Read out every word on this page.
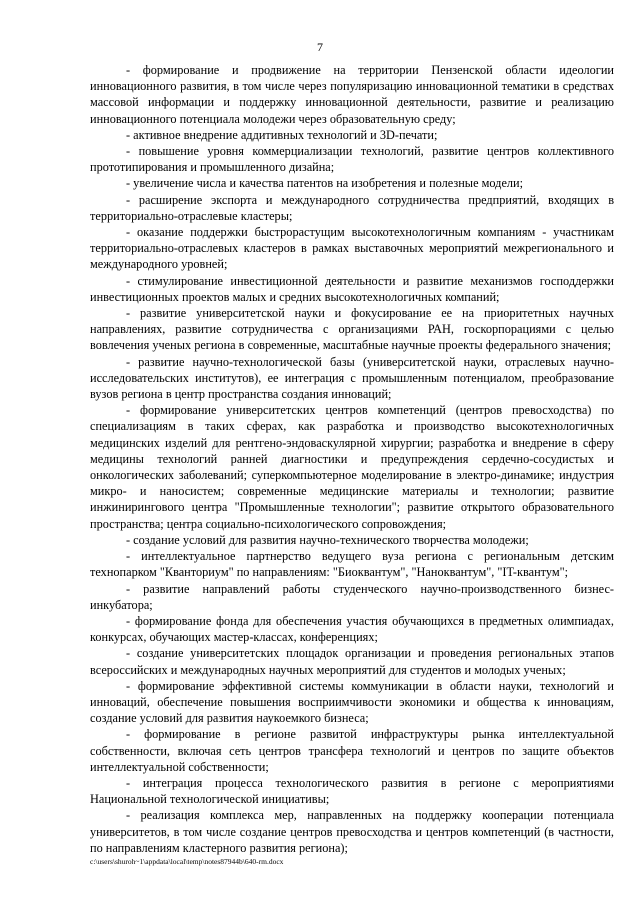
7

- формирование и продвижение на территории Пензенской области идеологии инновационного развития, в том числе через популяризацию инновационной тематики в средствах массовой информации и поддержку инновационной деятельности, развитие и реализацию инновационного потенциала молодежи через образовательную среду;

- активное внедрение аддитивных технологий и 3D-печати;

- повышение уровня коммерциализации технологий, развитие центров коллективного прототипирования и промышленного дизайна;

- увеличение числа и качества патентов на изобретения и полезные модели;

- расширение экспорта и международного сотрудничества предприятий, входящих в территориально-отраслевые кластеры;

- оказание поддержки быстрорастущим высокотехнологичным компаниям - участникам территориально-отраслевых кластеров в рамках выставочных мероприятий межрегионального и международного уровней;

- стимулирование инвестиционной деятельности и развитие механизмов господдержки инвестиционных проектов малых и средних высокотехнологичных компаний;

- развитие университетской науки и фокусирование ее на приоритетных научных направлениях, развитие сотрудничества с организациями РАН, госкорпорациями с целью вовлечения ученых региона в современные, масштабные научные проекты федерального значения;

- развитие научно-технологической базы (университетской науки, отраслевых научно-исследовательских институтов), ее интеграция с промышленным потенциалом, преобразование вузов региона в центр пространства создания инноваций;

- формирование университетских центров компетенций (центров превосходства) по специализациям в таких сферах, как разработка и производство высокотехнологичных медицинских изделий для рентгено-эндоваскулярной хирургии; разработка и внедрение в сферу медицины технологий ранней диагностики и предупреждения сердечно-сосудистых и онкологических заболеваний; суперкомпьютерное моделирование в электро-динамике; индустрия микро- и наносистем; современные медицинские материалы и технологии; развитие инжинирингового центра "Промышленные технологии"; развитие открытого образовательного пространства; центра социально-психологического сопровождения;

- создание условий для развития научно-технического творчества молодежи;

- интеллектуальное партнерство ведущего вуза региона с региональным детским технопарком "Кванториум" по направлениям: "Биоквантум", "Наноквантум", "IT-квантум";

- развитие направлений работы студенческого научно-производственного бизнес-инкубатора;

- формирование фонда для обеспечения участия обучающихся в предметных олимпиадах, конкурсах, обучающих мастер-классах, конференциях;

- создание университетских площадок организации и проведения региональных этапов всероссийских и международных научных мероприятий для студентов и молодых ученых;

- формирование эффективной системы коммуникации в области науки, технологий и инноваций, обеспечение повышения восприимчивости экономики и общества к инновациям, создание условий для развития наукоемкого бизнеса;

- формирование в регионе развитой инфраструктуры рынка интеллектуальной собственности, включая сеть центров трансфера технологий и центров по защите объектов интеллектуальной собственности;

- интеграция процесса технологического развития в регионе с мероприятиями Национальной технологической инициативы;

- реализация комплекса мер, направленных на поддержку кооперации потенциала университетов, в том числе создание центров превосходства и центров компетенций (в частности, по направлениям кластерного развития региона);

c:\users\shuroh~1\appdata\local\temp\notes87944b\640-rm.docx
